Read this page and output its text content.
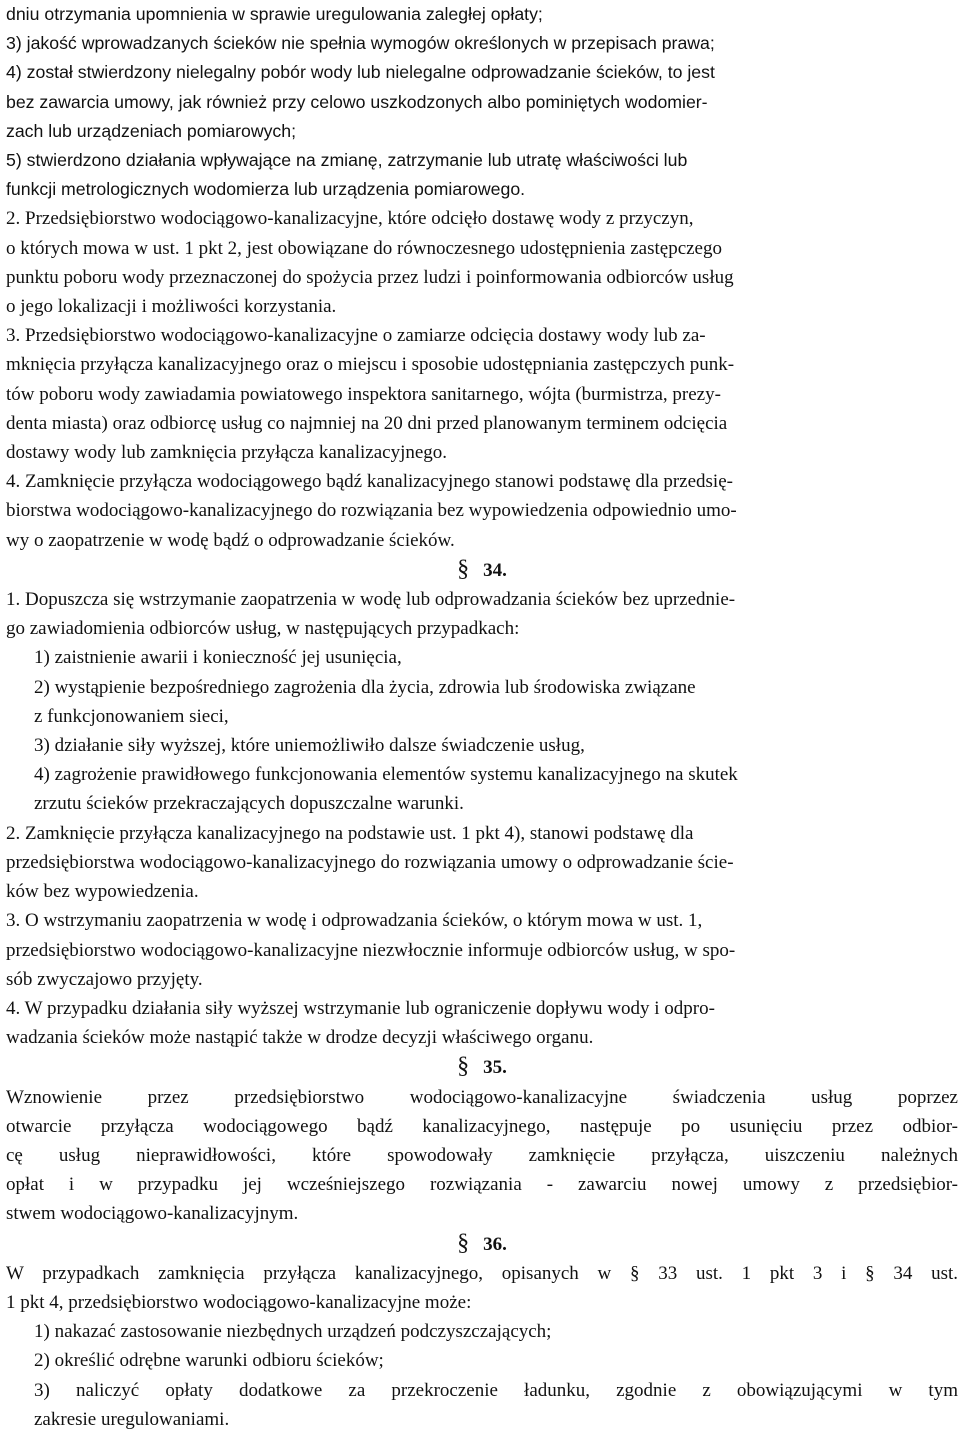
dniu otrzymania upomnienia w sprawie uregulowania zaległej opłaty;
3) jakość wprowadzanych ścieków nie spełnia wymogów określonych w przepisach prawa;
4) został stwierdzony nielegalny pobór wody lub nielegalne odprowadzanie ścieków, to jest
bez zawarcia umowy, jak również przy celowo uszkodzonych albo pominiętych wodomier-
zach lub urządzeniach pomiarowych;
5) stwierdzono działania wpływające na zmianę, zatrzymanie lub utratę właściwości lub
funkcji metrologicznych wodomierza lub urządzenia pomiarowego.
2. Przedsiębiorstwo wodociągowo-kanalizacyjne, które odcięło dostawę wody z przyczyn,
o których mowa w ust. 1 pkt 2, jest obowiązane do równoczesnego udostępnienia zastępczego
punktu poboru wody przeznaczonej do spożycia przez ludzi i poinformowania odbiorców usług
o jego lokalizacji i możliwości korzystania.
3. Przedsiębiorstwo wodociągowo-kanalizacyjne o zamiarze odcięcia dostawy wody lub za-
mknięcia przyłącza kanalizacyjnego oraz o miejscu i sposobie udostępniania zastępczych punk-
tów poboru wody zawiadamia powiatowego inspektora sanitarnego, wójta (burmistrza, prezy-
denta miasta) oraz odbiorcę usług co najmniej na 20 dni przed planowanym terminem odcięcia
dostawy wody lub zamknięcia przyłącza kanalizacyjnego.
4. Zamknięcie przyłącza wodociągowego bądź kanalizacyjnego stanowi podstawę dla przedsię-
biorstwa wodociągowo-kanalizacyjnego do rozwiązania bez wypowiedzenia odpowiednio umo-
wy o zaopatrzenie w wodę bądź o odprowadzanie ścieków.
§ 34.
1. Dopuszcza się wstrzymanie zaopatrzenia w wodę lub odprowadzania ścieków bez uprzednie-
go zawiadomienia odbiorców usług, w następujących przypadkach:
1) zaistnienie awarii i konieczność jej usunięcia,
2) wystąpienie bezpośredniego zagrożenia dla życia, zdrowia lub środowiska związane
z funkcjonowaniem sieci,
3) działanie siły wyższej, które uniemożliwiło dalsze świadczenie usług,
4) zagrożenie prawidłowego funkcjonowania elementów systemu kanalizacyjnego na skutek
zrzutu ścieków przekraczających dopuszczalne warunki.
2. Zamknięcie przyłącza kanalizacyjnego na podstawie ust. 1 pkt 4), stanowi podstawę dla
przedsiębiorstwa wodociągowo-kanalizacyjnego do rozwiązania umowy o odprowadzanie ście-
ków bez wypowiedzenia.
3. O wstrzymaniu zaopatrzenia w wodę i odprowadzania ścieków, o którym mowa w ust. 1,
przedsiębiorstwo wodociągowo-kanalizacyjne niezwłocznie informuje odbiorców usług, w spo-
sób zwyczajowo przyjęty.
4. W przypadku działania siły wyższej wstrzymanie lub ograniczenie dopływu wody i odpro-
wadzania ścieków może nastąpić także w drodze decyzji właściwego organu.
§ 35.
Wznowienie przez przedsiębiorstwo wodociągowo-kanalizacyjne świadczenia usług poprzez
otwarcie przyłącza wodociągowego bądź kanalizacyjnego, następuje po usunięciu przez odbior-
cę usług nieprawidłowości, które spowodowały zamknięcie przyłącza, uiszczeniu należnych
opłat i w przypadku jej wcześniejszego rozwiązania - zawarciu nowej umowy z przedsiębior-
stwem wodociągowo-kanalizacyjnym.
§ 36.
W przypadkach zamknięcia przyłącza kanalizacyjnego, opisanych w § 33 ust. 1 pkt 3 i § 34 ust.
1 pkt 4, przedsiębiorstwo wodociągowo-kanalizacyjne może:
1) nakazać zastosowanie niezbędnych urządzeń podczyszczających;
2) określić odrębne warunki odbioru ścieków;
3) naliczyć opłaty dodatkowe za przekroczenie ładunku, zgodnie z obowiązującymi w tym
zakresie uregulowaniami.
